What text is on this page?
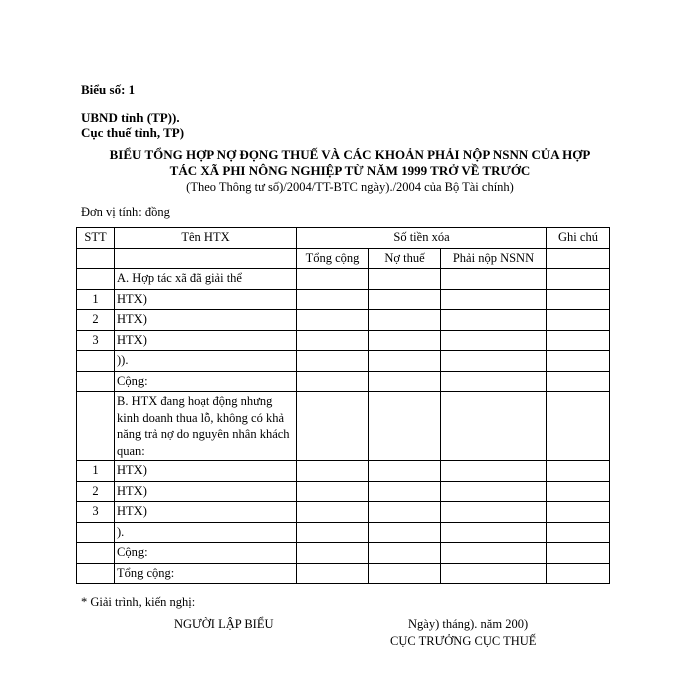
Biểu số: 1
UBND tỉnh (TP)).
Cục thuế tỉnh, TP)
BIỂU TỔNG HỢP NỢ ĐỌNG THUẾ VÀ CÁC KHOẢN PHẢI NỘP NSNN CỦA HỢP
TÁC XÃ PHI NÔNG NGHIỆP TỪ NĂM 1999 TRỞ VỀ TRƯỚC
(Theo Thông tư số)/2004/TT-BTC ngày)./2004 của Bộ Tài chính)
Đơn vị tính: đồng
STT	Tên HTX	Số tiền xóa			Ghi chú
		Tổng cộng	Nợ thuế	Phải nộp NSNN	
	A. Hợp tác xã đã giải thể				
1	HTX)				
2	HTX)				
3	HTX)				
	)).				
	Cộng:				
	B. HTX đang hoạt động nhưng kinh doanh thua lỗ, không có khả năng trả nợ do nguyên nhân khách quan:				
1	HTX)				
2	HTX)				
3	HTX)				
	).				
	Cộng:				
	Tổng cộng:				
* Giải trình, kiến nghị:
NGƯỜI LẬP BIỂU	Ngày) tháng). năm 200)
CỤC TRƯỞNG CỤC THUẾ
